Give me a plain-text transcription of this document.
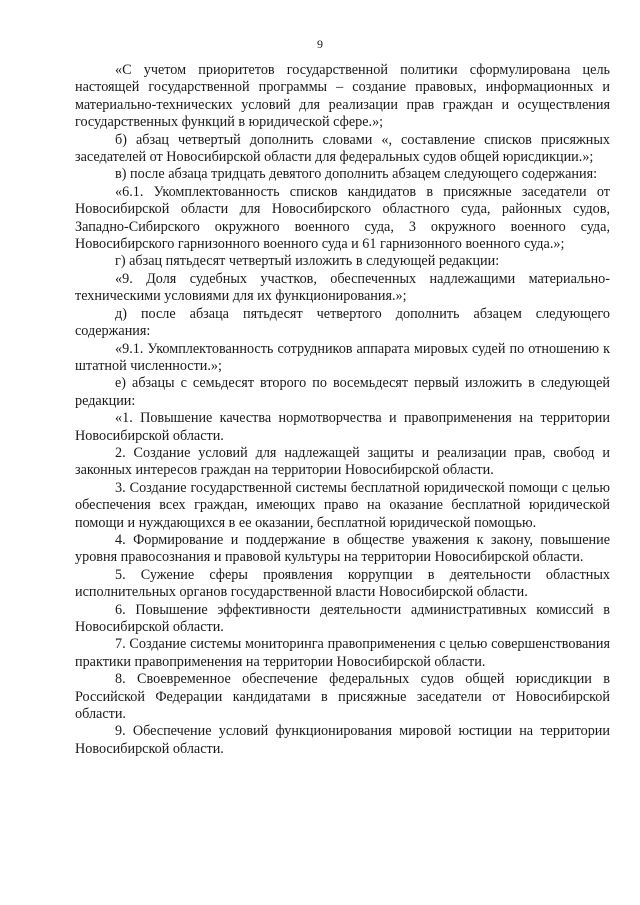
9

«С учетом приоритетов государственной политики сформулирована цель настоящей государственной программы – создание правовых, информационных и материально-технических условий для реализации прав граждан и осуществления государственных функций в юридической сфере.»;

б) абзац четвертый дополнить словами «, составление списков присяжных заседателей от Новосибирской области для федеральных судов общей юрисдикции.»;

в) после абзаца тридцать девятого дополнить абзацем следующего содержания:

«6.1. Укомплектованность списков кандидатов в присяжные заседатели от Новосибирской области для Новосибирского областного суда, районных судов, Западно-Сибирского окружного военного суда, 3 окружного военного суда, Новосибирского гарнизонного военного суда и 61 гарнизонного военного суда.»;

г) абзац пятьдесят четвертый изложить в следующей редакции:

«9. Доля судебных участков, обеспеченных надлежащими материально-техническими условиями для их функционирования.»;

д) после абзаца пятьдесят четвертого дополнить абзацем следующего содержания:

«9.1. Укомплектованность сотрудников аппарата мировых судей по отношению к штатной численности.»;

е) абзацы с семьдесят второго по восемьдесят первый изложить в следующей редакции:

«1. Повышение качества нормотворчества и правоприменения на территории Новосибирской области.

2. Создание условий для надлежащей защиты и реализации прав, свобод и законных интересов граждан на территории Новосибирской области.

3. Создание государственной системы бесплатной юридической помощи с целью обеспечения всех граждан, имеющих право на оказание бесплатной юридической помощи и нуждающихся в ее оказании, бесплатной юридической помощью.

4. Формирование и поддержание в обществе уважения к закону, повышение уровня правосознания и правовой культуры на территории Новосибирской области.

5. Сужение сферы проявления коррупции в деятельности областных исполнительных органов государственной власти Новосибирской области.

6. Повышение эффективности деятельности административных комиссий в Новосибирской области.

7. Создание системы мониторинга правоприменения с целью совершенствования практики правоприменения на территории Новосибирской области.

8. Своевременное обеспечение федеральных судов общей юрисдикции в Российской Федерации кандидатами в присяжные заседатели от Новосибирской области.

9. Обеспечение условий функционирования мировой юстиции на территории Новосибирской области.
